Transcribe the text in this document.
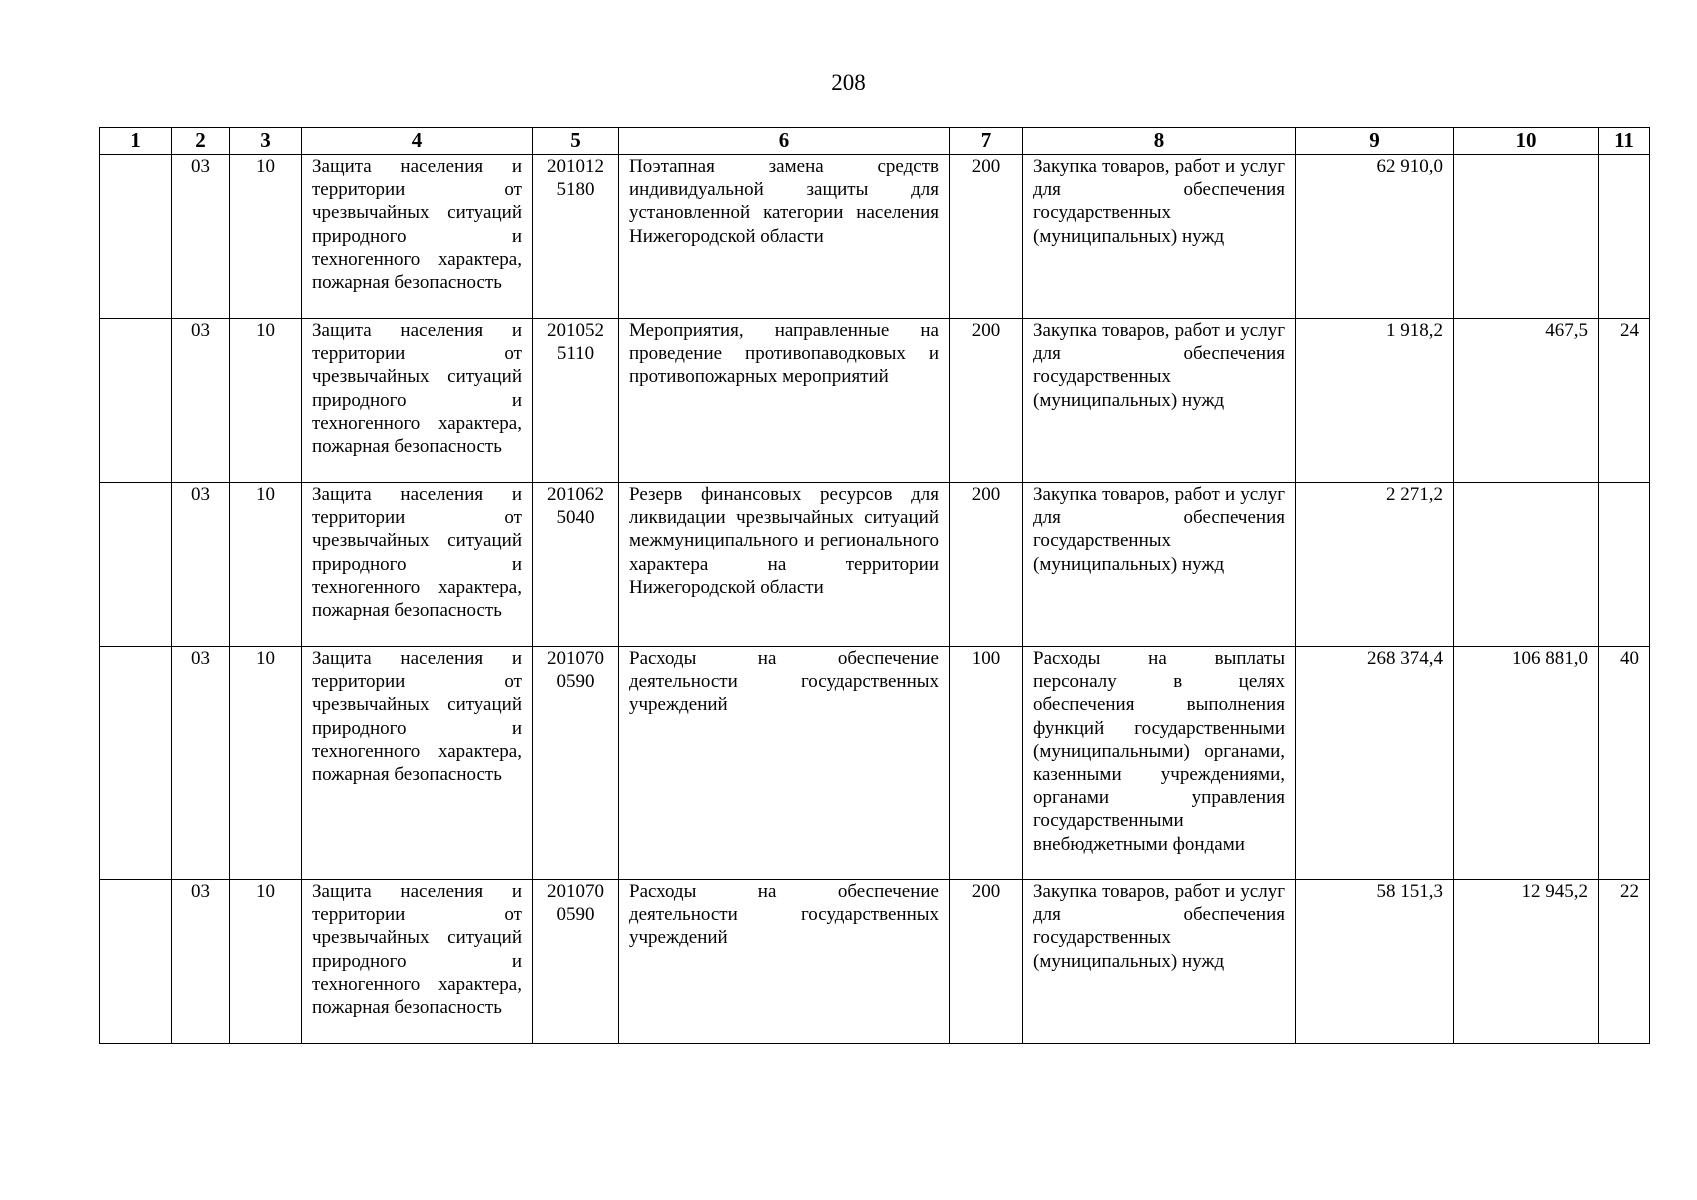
208
1	2	3	4	5	6	7	8	9	10	11
	03	10	Защита населения и территории от чрезвычайных ситуаций природного и техногенного характера, пожарная безопасность	201012 5180	Поэтапная замена средств индивидуальной защиты для установленной категории населения Нижегородской области	200	Закупка товаров, работ и услуг для обеспечения государственных (муниципальных) нужд	62 910,0		
	03	10	Защита населения и территории от чрезвычайных ситуаций природного и техногенного характера, пожарная безопасность	201052 5110	Мероприятия, направленные на проведение противопаводковых и противопожарных мероприятий	200	Закупка товаров, работ и услуг для обеспечения государственных (муниципальных) нужд	1 918,2	467,5	24
	03	10	Защита населения и территории от чрезвычайных ситуаций природного и техногенного характера, пожарная безопасность	201062 5040	Резерв финансовых ресурсов для ликвидации чрезвычайных ситуаций межмуниципального и регионального характера на территории Нижегородской области	200	Закупка товаров, работ и услуг для обеспечения государственных (муниципальных) нужд	2 271,2		
	03	10	Защита населения и территории от чрезвычайных ситуаций природного и техногенного характера, пожарная безопасность	201070 0590	Расходы на обеспечение деятельности государственных учреждений	100	Расходы на выплаты персоналу в целях обеспечения выполнения функций государственными (муниципальными) органами, казенными учреждениями, органами управления государственными внебюджетными фондами	268 374,4	106 881,0	40
	03	10	Защита населения и территории от чрезвычайных ситуаций природного и техногенного характера, пожарная безопасность	201070 0590	Расходы на обеспечение деятельности государственных учреждений	200	Закупка товаров, работ и услуг для обеспечения государственных (муниципальных) нужд	58 151,3	12 945,2	22
